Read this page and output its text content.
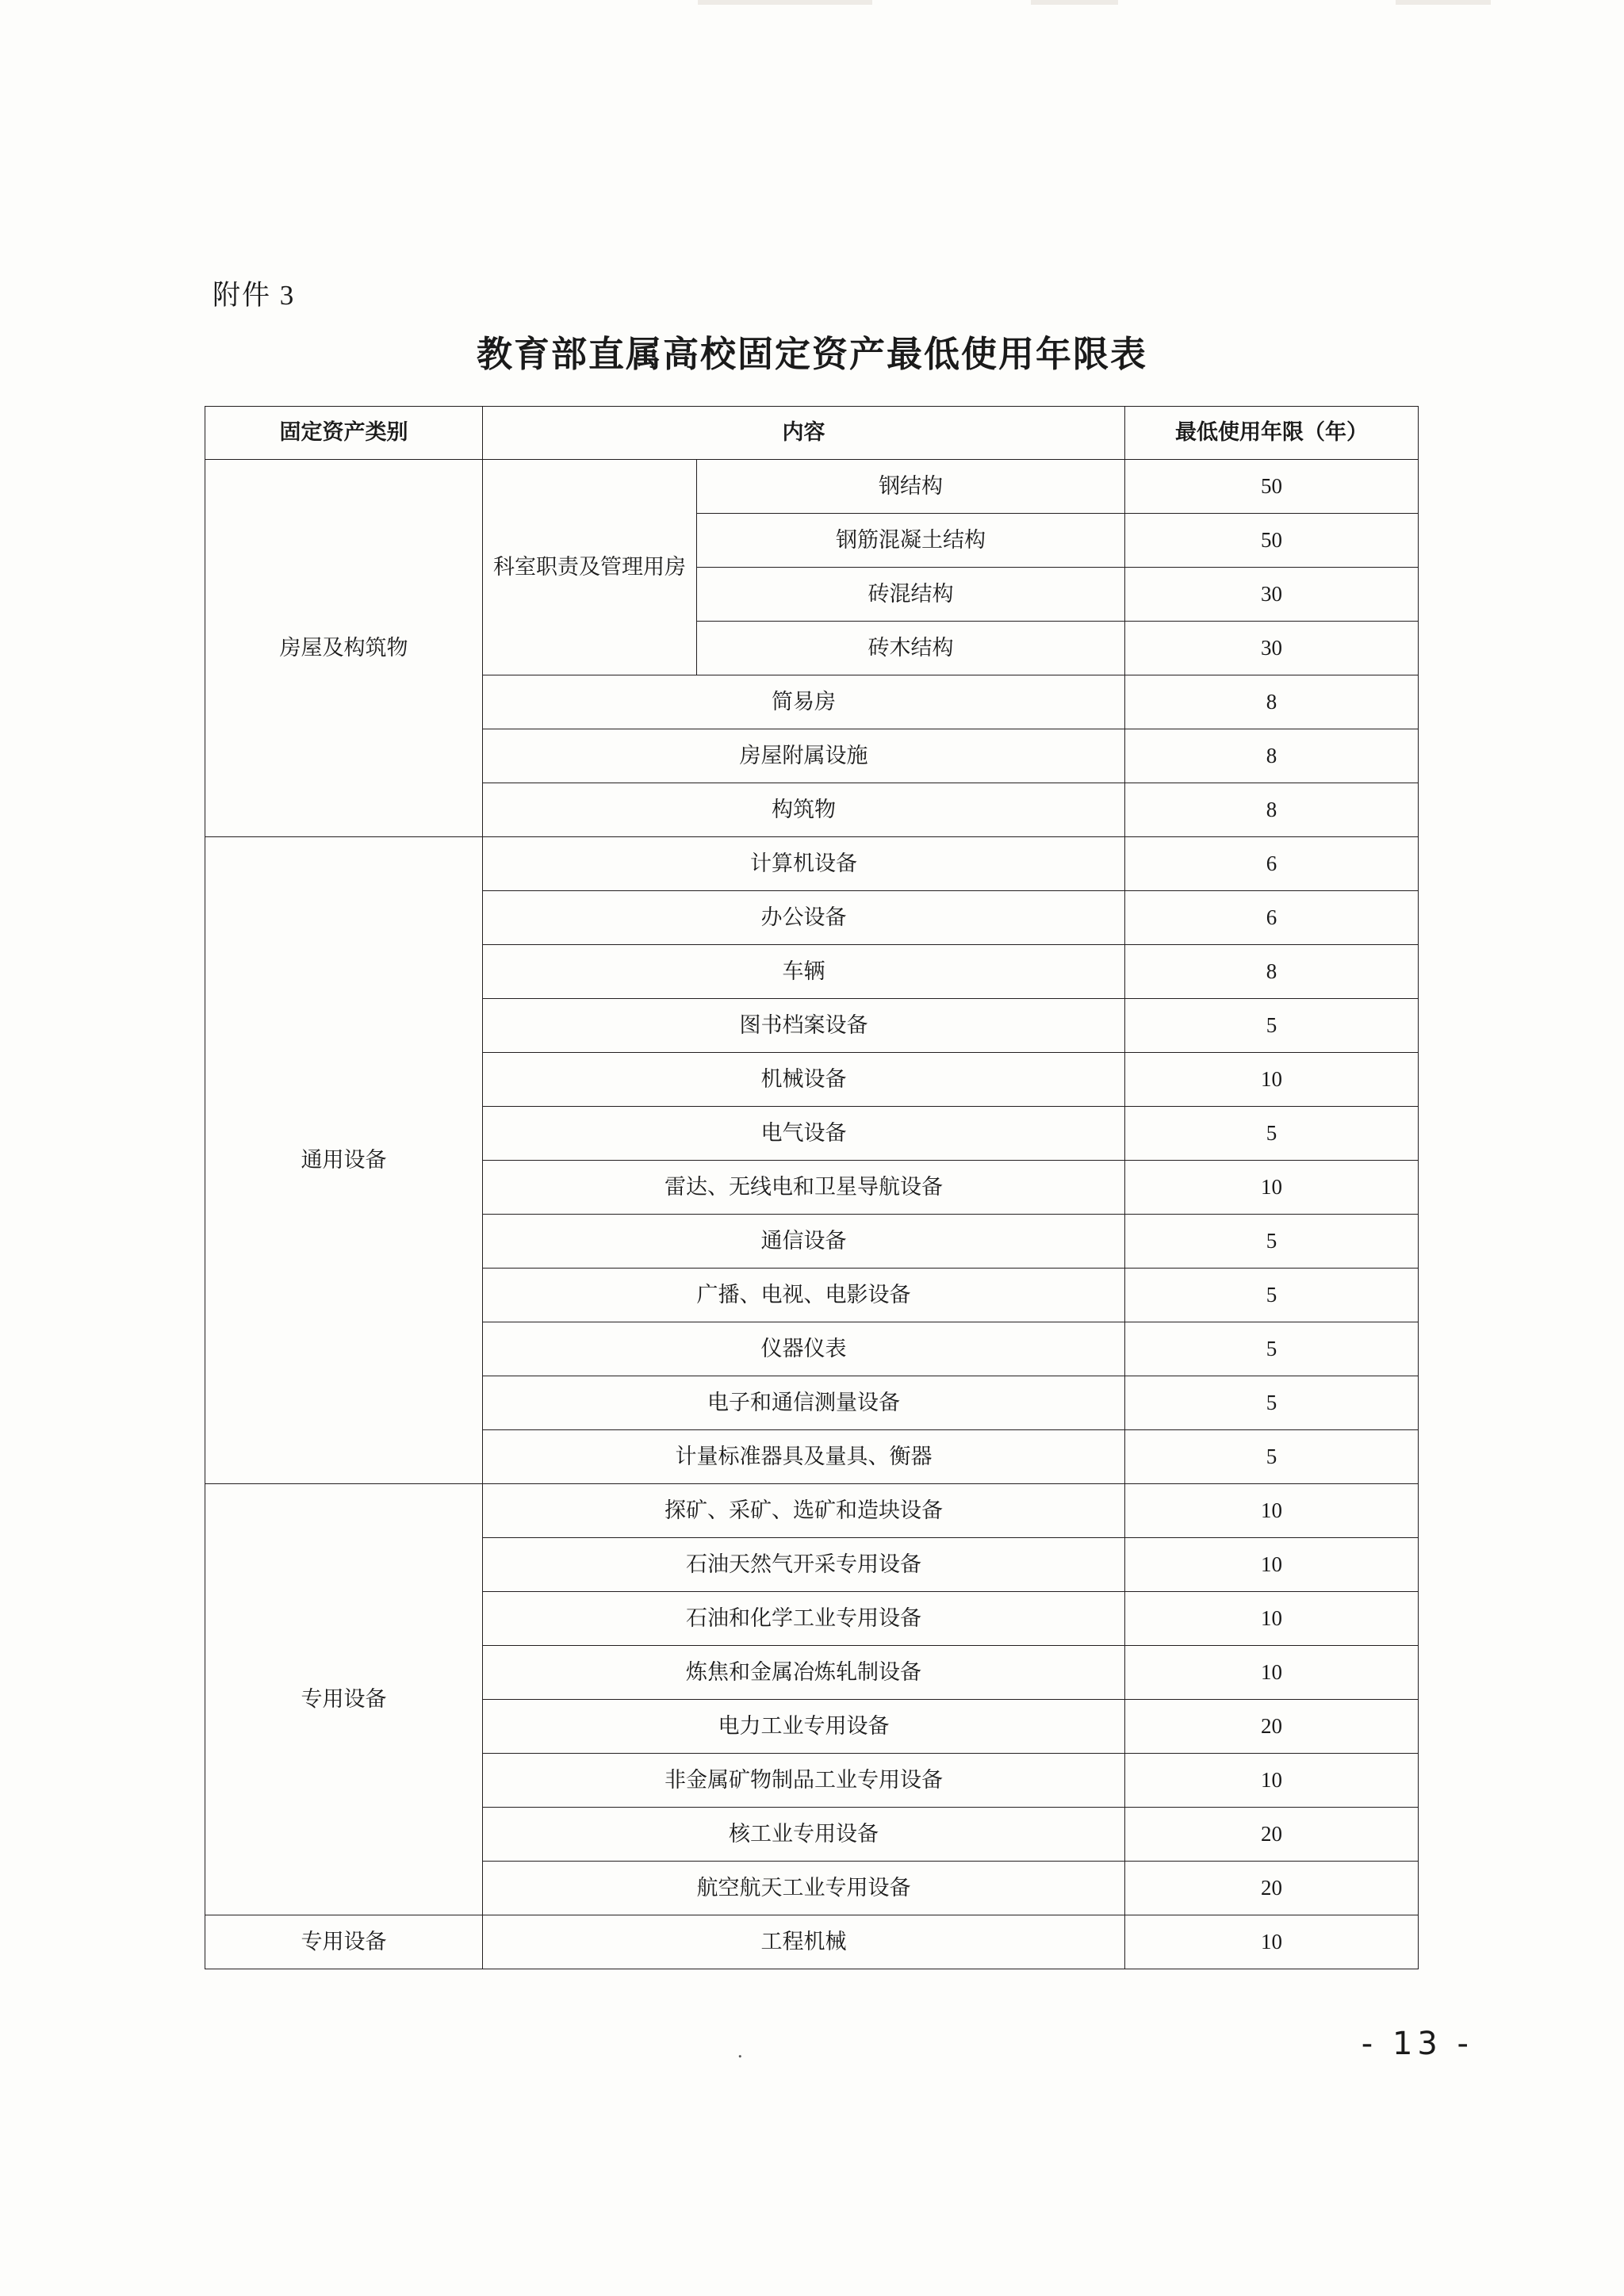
附件 3
教育部直属高校固定资产最低使用年限表
固定资产类别	内容		最低使用年限（年）
房屋及构筑物	科室职责及管理用房	钢结构	50
		钢筋混凝土结构	50
		砖混结构	30
		砖木结构	30
	简易房		8
	房屋附属设施		8
	构筑物		8
通用设备	计算机设备		6
	办公设备		6
	车辆		8
	图书档案设备		5
	机械设备		10
	电气设备		5
	雷达、无线电和卫星导航设备		10
	通信设备		5
	广播、电视、电影设备		5
	仪器仪表		5
	电子和通信测量设备		5
	计量标准器具及量具、衡器		5
专用设备	探矿、采矿、选矿和造块设备		10
	石油天然气开采专用设备		10
	石油和化学工业专用设备		10
	炼焦和金属冶炼轧制设备		10
	电力工业专用设备		20
	非金属矿物制品工业专用设备		10
	核工业专用设备		20
	航空航天工业专用设备		20
专用设备	工程机械		10
.	- 13 -
